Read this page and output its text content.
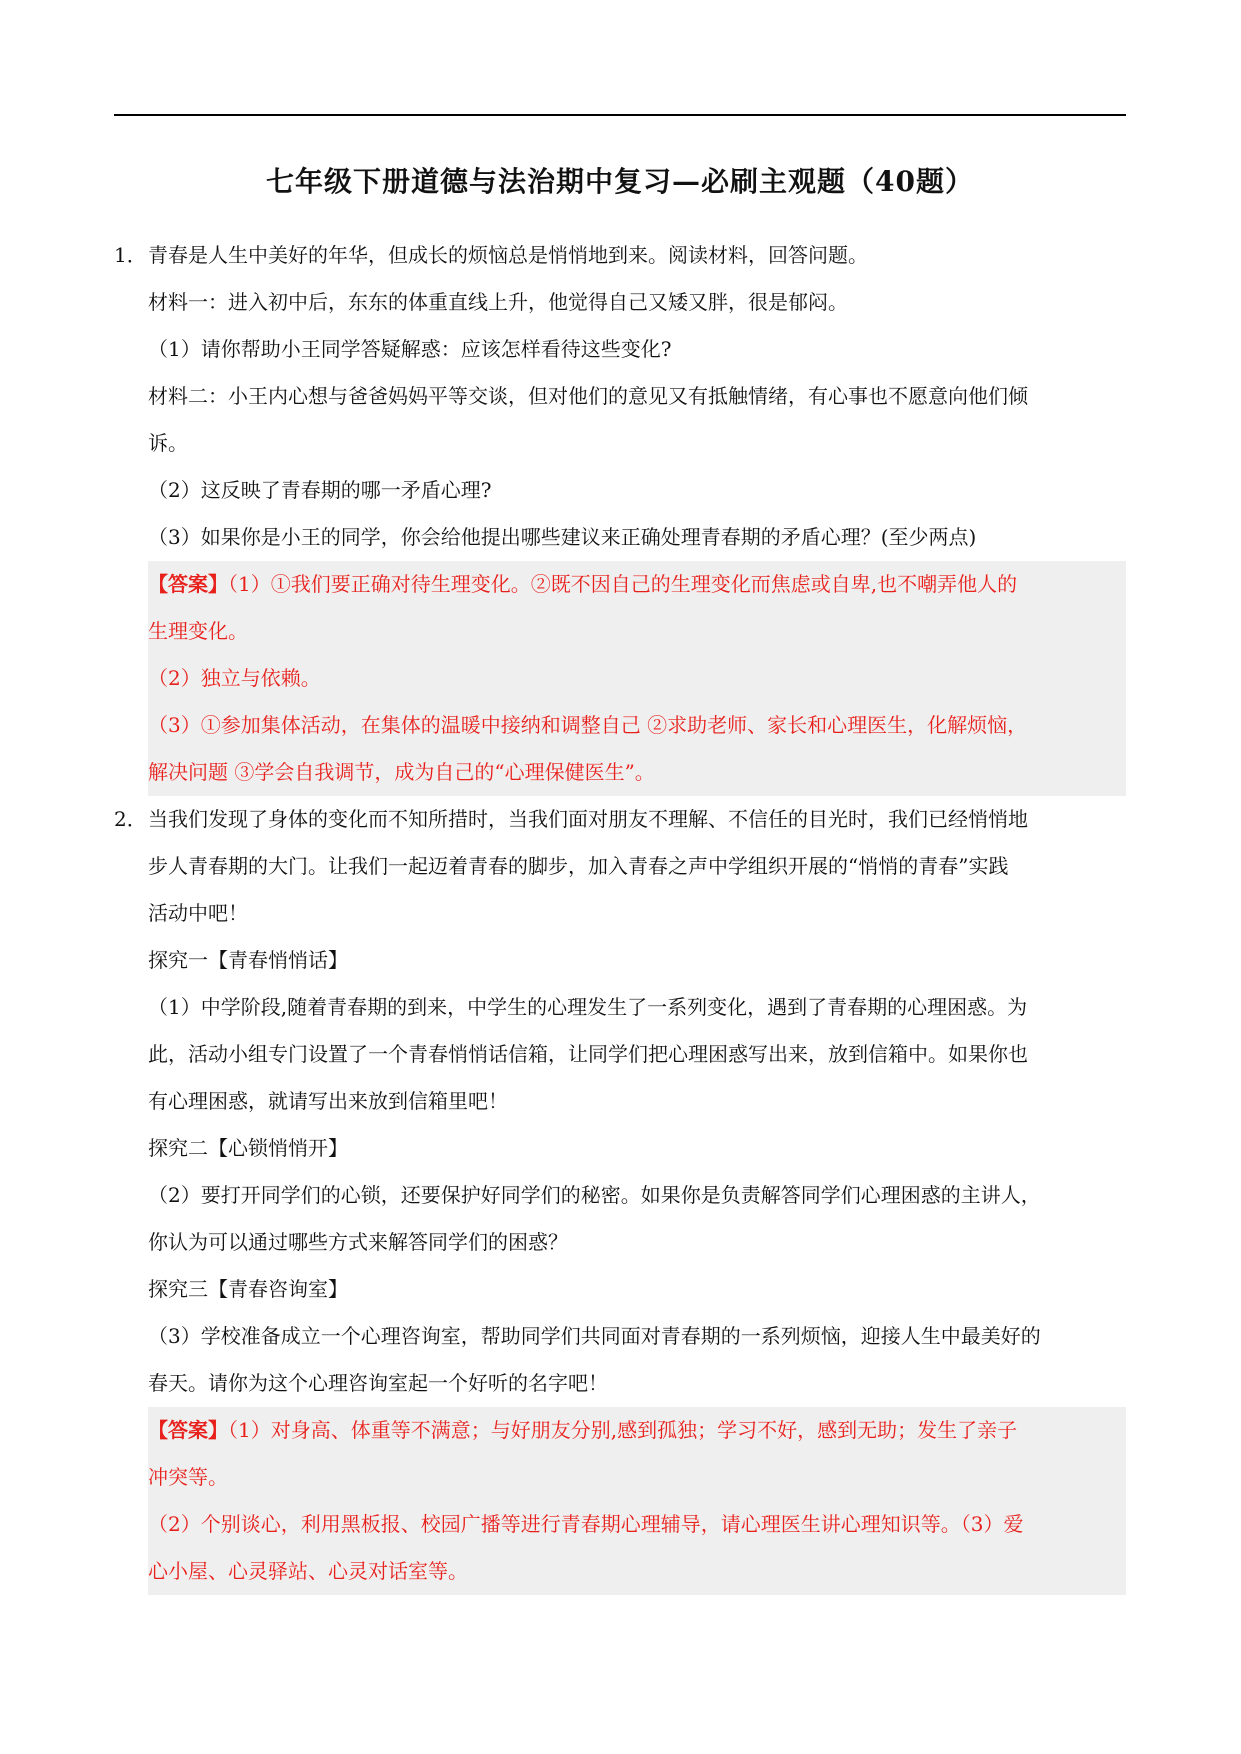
七年级下册道德与法治期中复习—必刷主观题（40题）
1．青春是人生中美好的年华，但成长的烦恼总是悄悄地到来。阅读材料，回答问题。
材料一：进入初中后，东东的体重直线上升，他觉得自己又矮又胖，很是郁闷。
（1）请你帮助小王同学答疑解惑：应该怎样看待这些变化?
材料二：小王内心想与爸爸妈妈平等交谈，但对他们的意见又有抵触情绪，有心事也不愿意向他们倾
诉。
（2）这反映了青春期的哪一矛盾心理?
（3）如果你是小王的同学，你会给他提出哪些建议来正确处理青春期的矛盾心理？(至少两点)
【答案】（1）①我们要正确对待生理变化。②既不因自己的生理变化而焦虑或自卑,也不嘲弄他人的
生理变化。
（2）独立与依赖。
（3）①参加集体活动，在集体的温暖中接纳和调整自己 ②求助老师、家长和心理医生，化解烦恼，
解决问题 ③学会自我调节，成为自己的“心理保健医生”。
2．当我们发现了身体的变化而不知所措时，当我们面对朋友不理解、不信任的目光时，我们已经悄悄地
步人青春期的大门。让我们一起迈着青春的脚步，加入青春之声中学组织开展的“悄悄的青春”实践
活动中吧！
探究一【青春悄悄话】
（1）中学阶段,随着青春期的到来，中学生的心理发生了一系列变化，遇到了青春期的心理困惑。为
此，活动小组专门设置了一个青春悄悄话信箱，让同学们把心理困惑写出来，放到信箱中。如果你也
有心理困惑，就请写出来放到信箱里吧！
探究二【心锁悄悄开】
（2）要打开同学们的心锁，还要保护好同学们的秘密。如果你是负责解答同学们心理困惑的主讲人，
你认为可以通过哪些方式来解答同学们的困惑？
探究三【青春咨询室】
（3）学校准备成立一个心理咨询室，帮助同学们共同面对青春期的一系列烦恼，迎接人生中最美好的
春天。请你为这个心理咨询室起一个好听的名字吧！
【答案】（1）对身高、体重等不满意；与好朋友分别,感到孤独；学习不好，感到无助；发生了亲子
冲突等。
（2）个别谈心，利用黑板报、校园广播等进行青春期心理辅导，请心理医生讲心理知识等。（3）爱
心小屋、心灵驿站、心灵对话室等。
